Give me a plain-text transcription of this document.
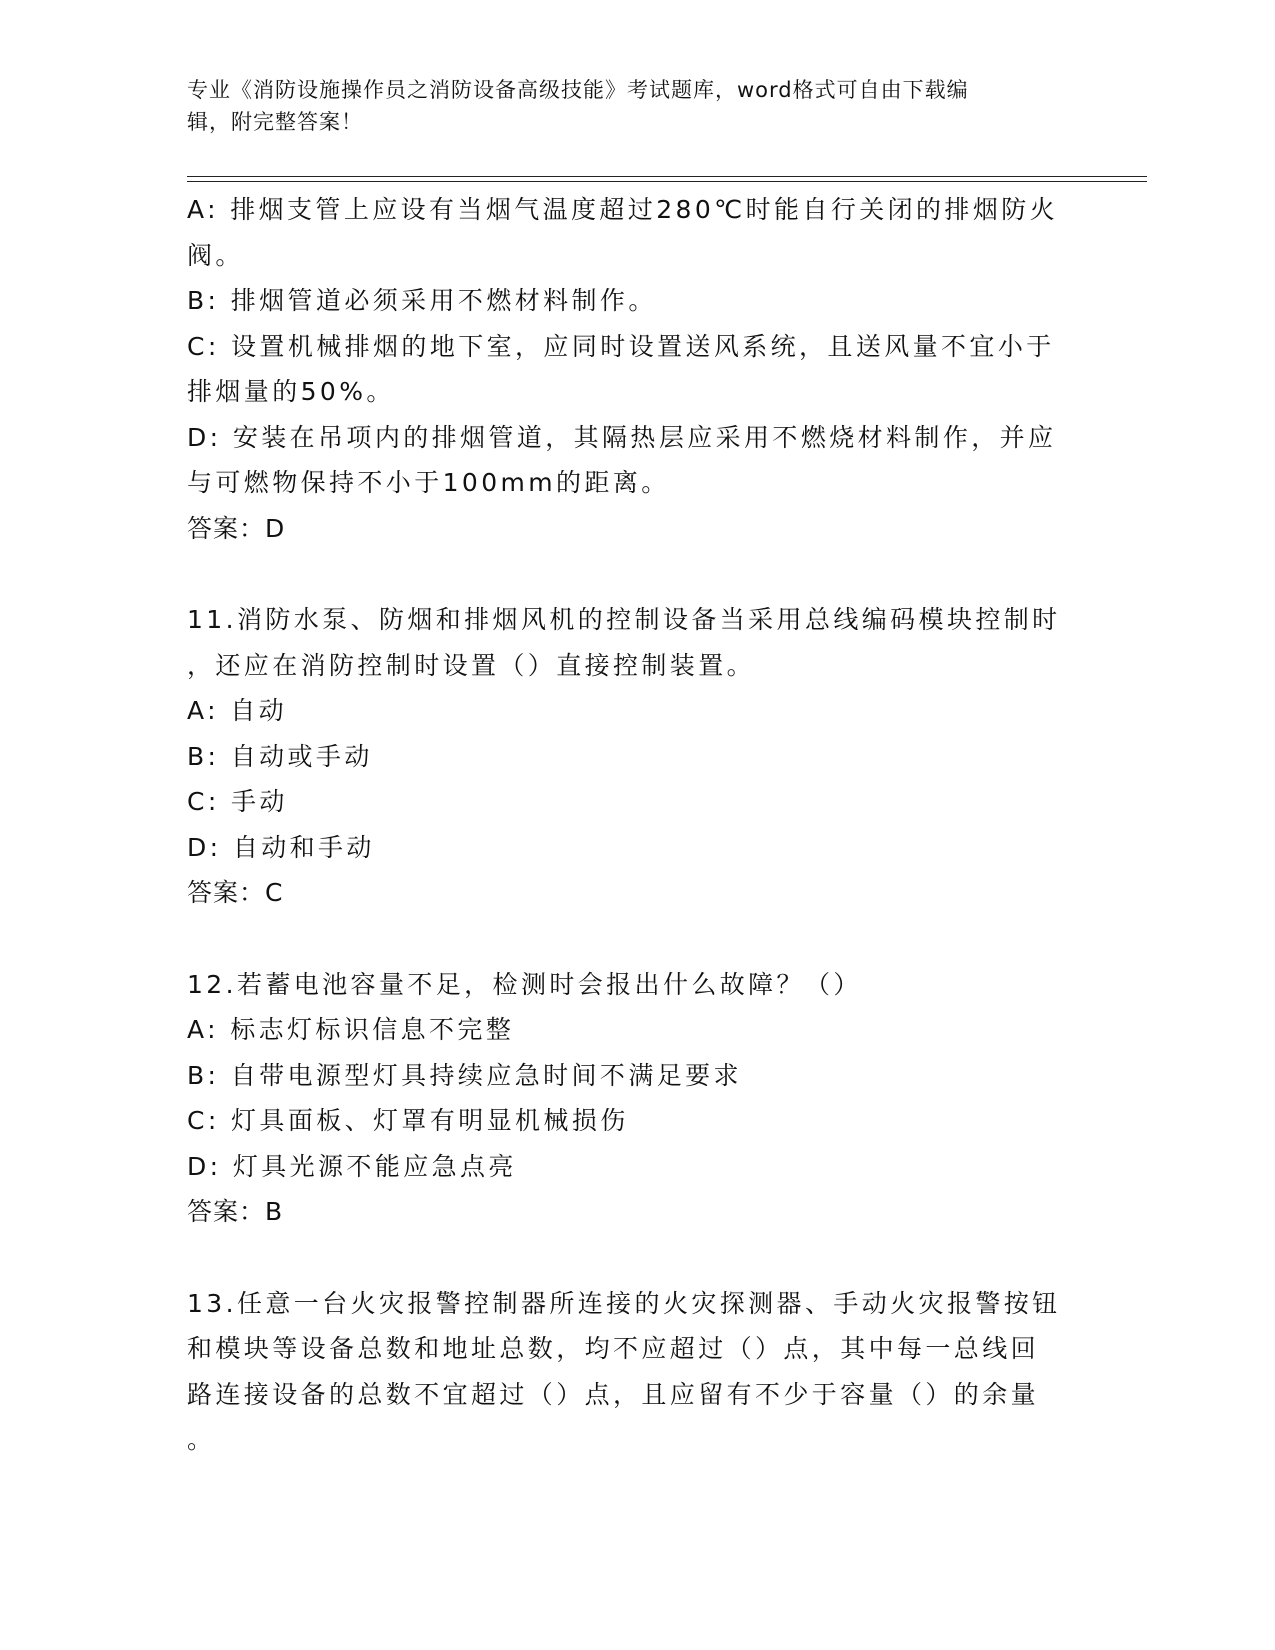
专业《消防设施操作员之消防设备高级技能》考试题库，word格式可自由下载编
辑，附完整答案！
A: 排烟支管上应设有当烟气温度超过280℃时能自行关闭的排烟防火
阀。
B: 排烟管道必须采用不燃材料制作。
C: 设置机械排烟的地下室，应同时设置送风系统，且送风量不宜小于
排烟量的50%。
D: 安装在吊项内的排烟管道，其隔热层应采用不燃烧材料制作，并应
与可燃物保持不小于100mm的距离。
答案：D
11.消防水泵、防烟和排烟风机的控制设备当采用总线编码模块控制时
，还应在消防控制时设置（）直接控制装置。
A: 自动
B: 自动或手动
C: 手动
D: 自动和手动
答案：C
12.若蓄电池容量不足，检测时会报出什么故障？（）
A: 标志灯标识信息不完整
B: 自带电源型灯具持续应急时间不满足要求
C: 灯具面板、灯罩有明显机械损伤
D: 灯具光源不能应急点亮
答案：B
13.任意一台火灾报警控制器所连接的火灾探测器、手动火灾报警按钮
和模块等设备总数和地址总数，均不应超过（）点，其中每一总线回
路连接设备的总数不宜超过（）点，且应留有不少于容量（）的余量
。
